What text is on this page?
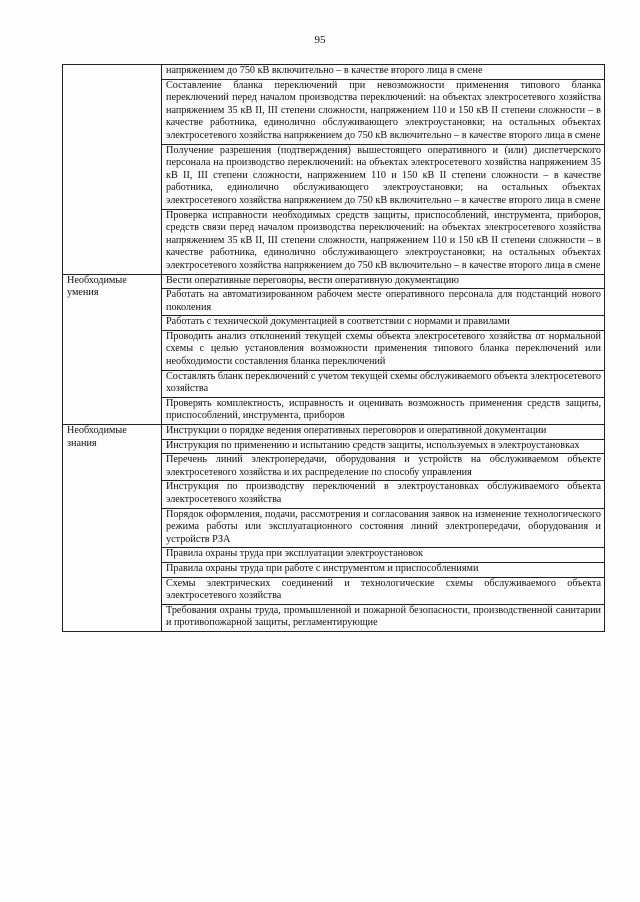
95
	напряжением до 750 кВ включительно – в качестве второго лица в смене
	Составление бланка переключений при невозможности применения типового бланка переключений перед началом производства переключений: на объектах электросетевого хозяйства напряжением 35 кВ II, III степени сложности, напряжением 110 и 150 кВ II степени сложности – в качестве работника, единолично обслуживающего электроустановки; на остальных объектах электросетевого хозяйства напряжением до 750 кВ включительно – в качестве второго лица в смене
	Получение разрешения (подтверждения) вышестоящего оперативного и (или) диспетчерского персонала на производство переключений: на объектах электросетевого хозяйства напряжением 35 кВ II, III степени сложности, напряжением 110 и 150 кВ II степени сложности – в качестве работника, единолично обслуживающего электроустановки; на остальных объектах электросетевого хозяйства напряжением до 750 кВ включительно – в качестве второго лица в смене
	Проверка исправности необходимых средств защиты, приспособлений, инструмента, приборов, средств связи перед началом производства переключений: на объектах электросетевого хозяйства напряжением 35 кВ II, III степени сложности, напряжением 110 и 150 кВ II степени сложности – в качестве работника, единолично обслуживающего электроустановки; на остальных объектах электросетевого хозяйства напряжением до 750 кВ включительно – в качестве второго лица в смене

Необходимые
умения	Вести оперативные переговоры, вести оперативную документацию
	Работать на автоматизированном рабочем месте оперативного персонала для подстанций нового поколения
	Работать с технической документацией в соответствии с нормами и правилами
	Проводить анализ отклонений текущей схемы объекта электросетевого хозяйства от нормальной схемы с целью установления возможности применения типового бланка переключений или необходимости составления бланка переключений
	Составлять бланк переключений с учетом текущей схемы обслуживаемого объекта электросетевого хозяйства
	Проверять комплектность, исправность и оценивать возможность применения средств защиты, приспособлений, инструмента, приборов

Необходимые
знания	Инструкции о порядке ведения оперативных переговоров и оперативной документации
	Инструкция по применению и испытанию средств защиты, используемых в электроустановках
	Перечень линий электропередачи, оборудования и устройств на обслуживаемом объекте электросетевого хозяйства и их распределение по способу управления
	Инструкция по производству переключений в электроустановках обслуживаемого объекта электросетевого хозяйства
	Порядок оформления, подачи, рассмотрения и согласования заявок на изменение технологического режима работы или эксплуатационного состояния линий электропередачи, оборудования и устройств РЗА
	Правила охраны труда при эксплуатации электроустановок
	Правила охраны труда при работе с инструментом и приспособлениями
	Схемы электрических соединений и технологические схемы обслуживаемого объекта электросетевого хозяйства
	Требования охраны труда, промышленной и пожарной безопасности, производственной санитарии и противопожарной защиты, регламентирующие
